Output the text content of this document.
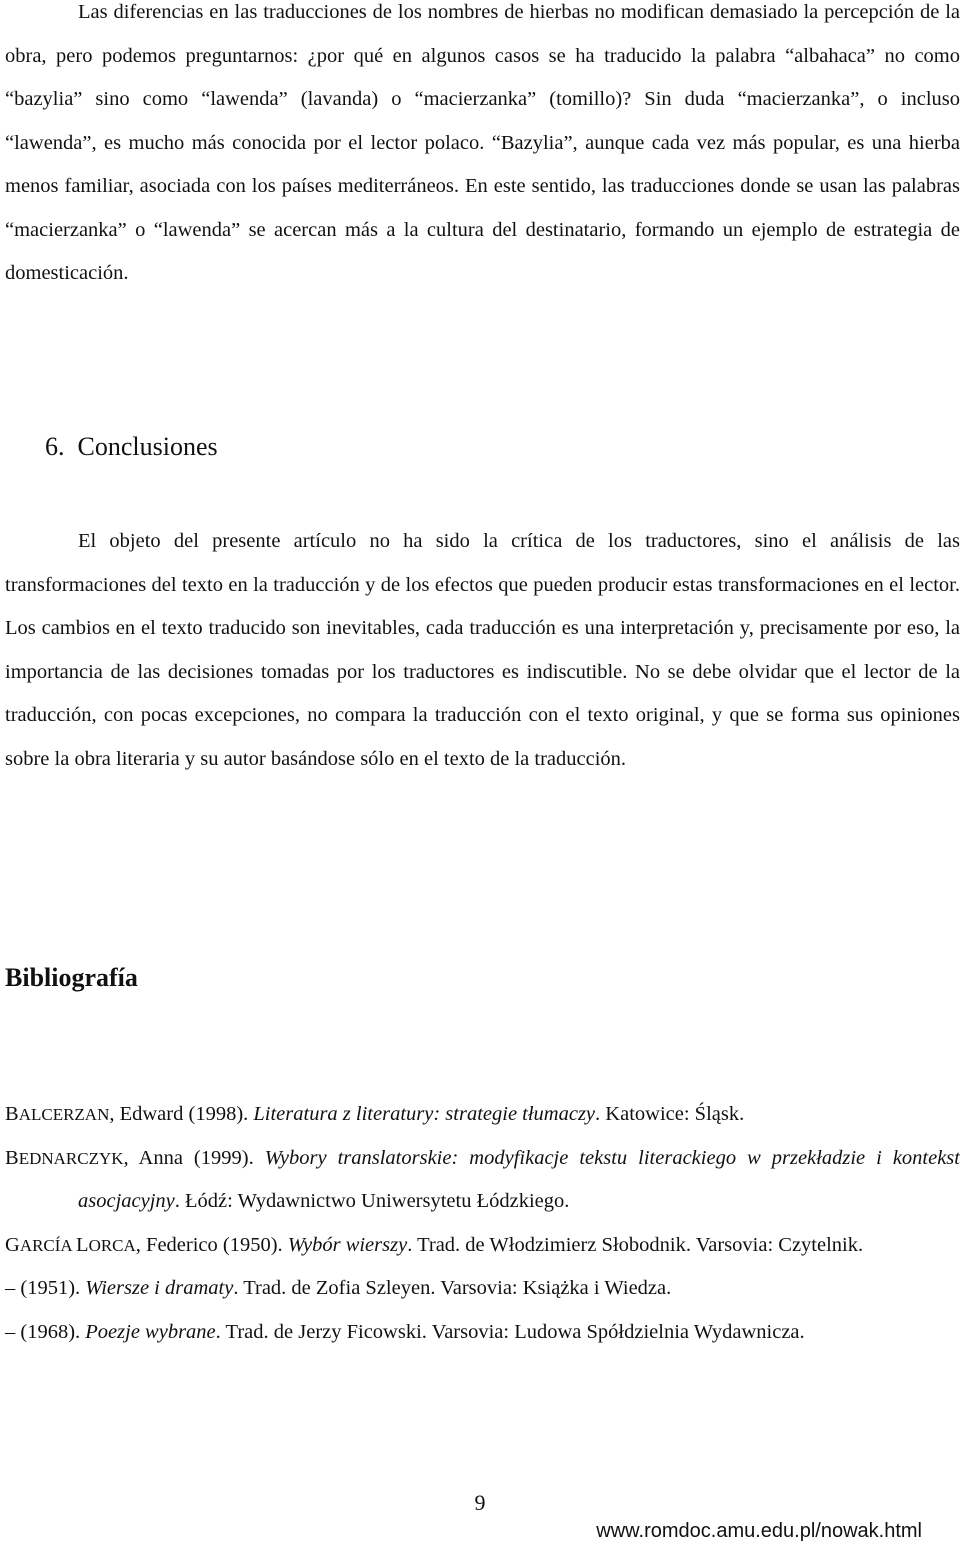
Las diferencias en las traducciones de los nombres de hierbas no modifican demasiado la percepción de la obra, pero podemos preguntarnos: ¿por qué en algunos casos se ha traducido la palabra “albahaca” no como “bazylia” sino como “lawenda” (lavanda) o “macierzanka” (tomillo)? Sin duda “macierzanka”, o incluso “lawenda”, es mucho más conocida por el lector polaco. “Bazylia”, aunque cada vez más popular, es una hierba menos familiar, asociada con los países mediterráneos. En este sentido, las traducciones donde se usan las palabras “macierzanka” o “lawenda” se acercan más a la cultura del destinatario, formando un ejemplo de estrategia de domesticación.

6. Conclusiones

El objeto del presente artículo no ha sido la crítica de los traductores, sino el análisis de las transformaciones del texto en la traducción y de los efectos que pueden producir estas transformaciones en el lector. Los cambios en el texto traducido son inevitables, cada traducción es una interpretación y, precisamente por eso, la importancia de las decisiones tomadas por los traductores es indiscutible. No se debe olvidar que el lector de la traducción, con pocas excepciones, no compara la traducción con el texto original, y que se forma sus opiniones sobre la obra literaria y su autor basándose sólo en el texto de la traducción.

Bibliografía

BALCERZAN, Edward (1998). Literatura z literatury: strategie tłumaczy. Katowice: Śląsk.

BEDNARCZYK, Anna (1999). Wybory translatorskie: modyfikacje tekstu literackiego w przekładzie i kontekst asocjacyjny. Łódź: Wydawnictwo Uniwersytetu Łódzkiego.

GARCÍA LORCA, Federico (1950). Wybór wierszy. Trad. de Włodzimierz Słobodnik. Varsovia: Czytelnik.

– (1951). Wiersze i dramaty. Trad. de Zofia Szleyen. Varsovia: Książka i Wiedza.

– (1968). Poezje wybrane. Trad. de Jerzy Ficowski. Varsovia: Ludowa Spółdzielnia Wydawnicza.

9
www.romdoc.amu.edu.pl/nowak.html
